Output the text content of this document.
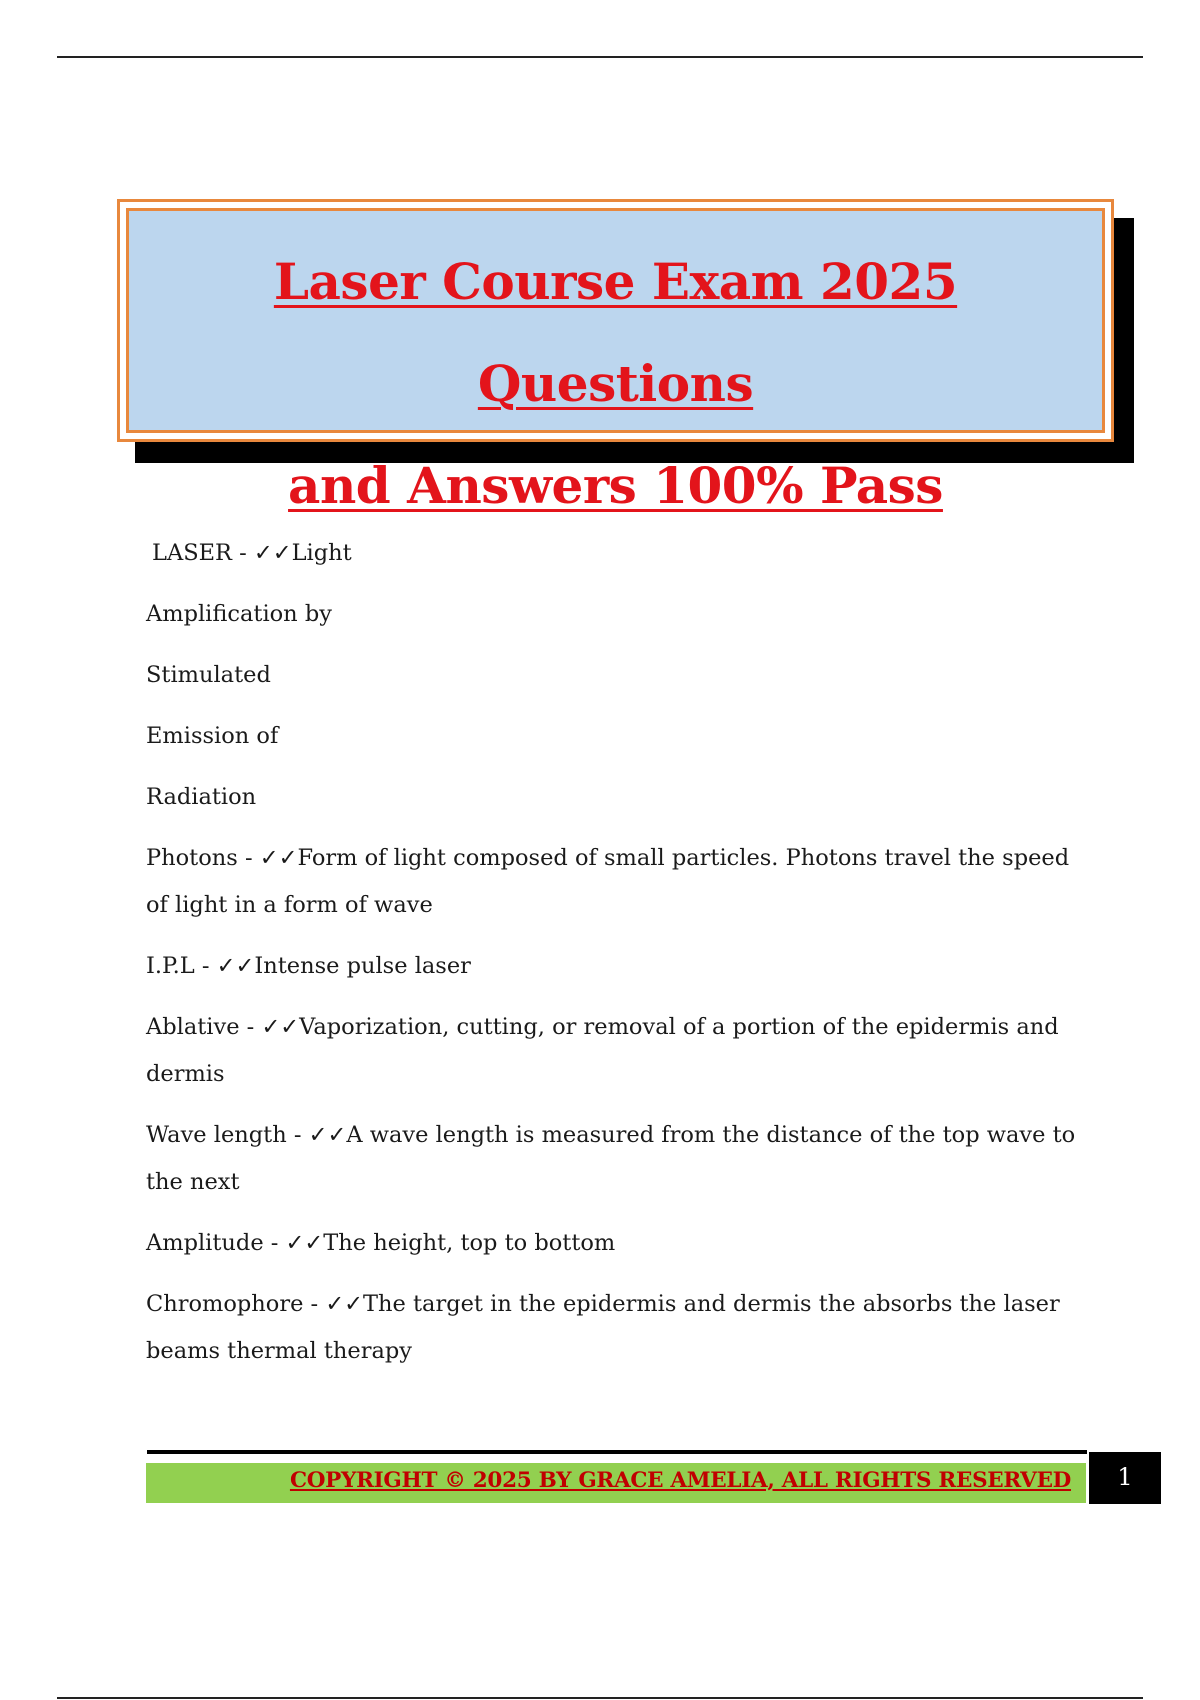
Laser Course Exam 2025 Questions
and Answers 100% Pass

LASER - ✓✓Light

Amplification by

Stimulated

Emission of

Radiation

Photons - ✓✓Form of light composed of small particles. Photons travel the speed of light in a form of wave

I.P.L - ✓✓Intense pulse laser

Ablative - ✓✓Vaporization, cutting, or removal of a portion of the epidermis and dermis

Wave length - ✓✓A wave length is measured from the distance of the top wave to the next

Amplitude - ✓✓The height, top to bottom

Chromophore - ✓✓The target in the epidermis and dermis the absorbs the laser beams thermal therapy

COPYRIGHT © 2025 BY GRACE AMELIA, ALL RIGHTS RESERVED	1
